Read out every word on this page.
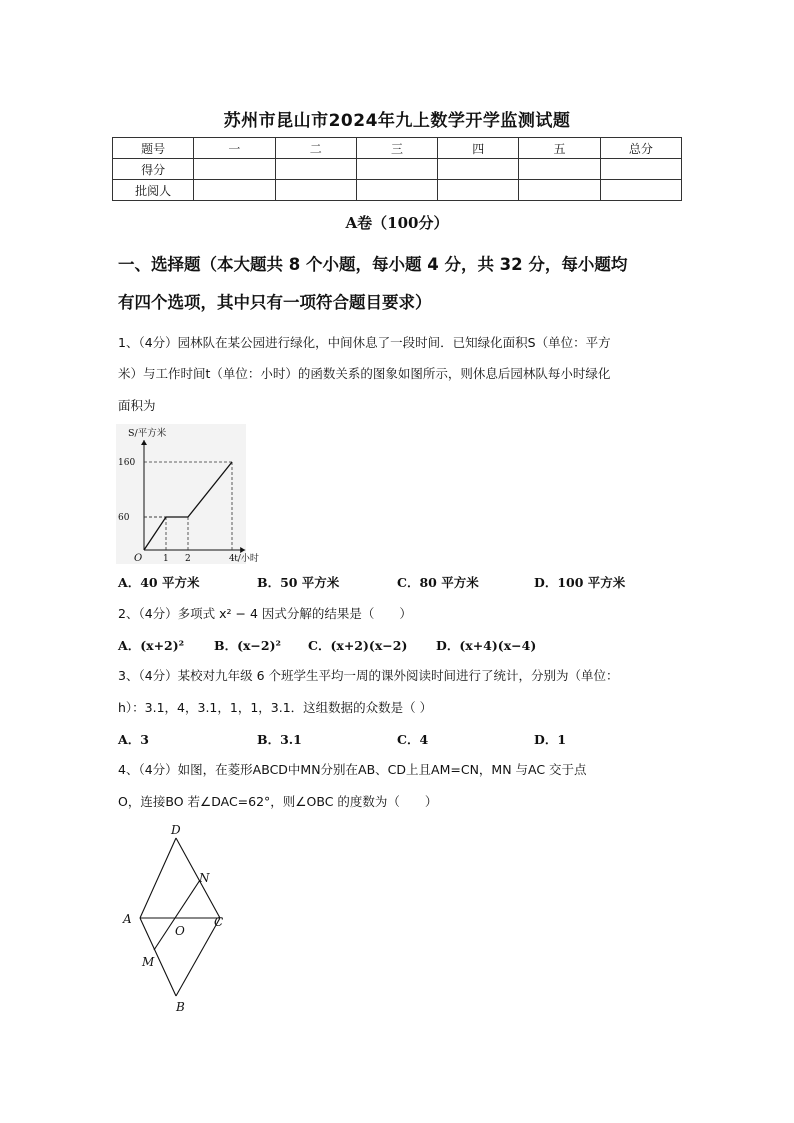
苏州市昆山市2024年九上数学开学监测试题
题号	一	二	三	四	五	总分
得分						
批阅人						
A卷（100分）
一、选择题（本大题共 8 个小题，每小题 4 分，共 32 分，每小题均
有四个选项，其中只有一项符合题目要求）
1、（4分）园林队在某公园进行绿化，中间休息了一段时间．已知绿化面积S（单位：平方
米）与工作时间t（单位：小时）的函数关系的图象如图所示，则休息后园林队每小时绿化
面积为
1 2	4
60
160
O
S/平方米
t/小时
A．40 平方米	B．50 平方米	C．80 平方米	D．100 平方米
2、（4分）多项式 x² − 4 因式分解的结果是（　　）
A．(x+2)² B．(x−2)² C．(x+2)(x−2) D．(x+4)(x−4)
3、（4分）某校对九年级 6 个班学生平均一周的课外阅读时间进行了统计，分别为（单位：
h）：3.1，4，3.1，1，1，3.1．这组数据的众数是（ ）
A．3	B．3.1	C．4	D．1
4、（4分）如图，在菱形ABCD中MN分别在AB、CD上且AM=CN，MN 与AC 交于点
O，连接BO 若∠DAC=62°，则∠OBC 的度数为（　　）
D
N
A
O
C
M
B
